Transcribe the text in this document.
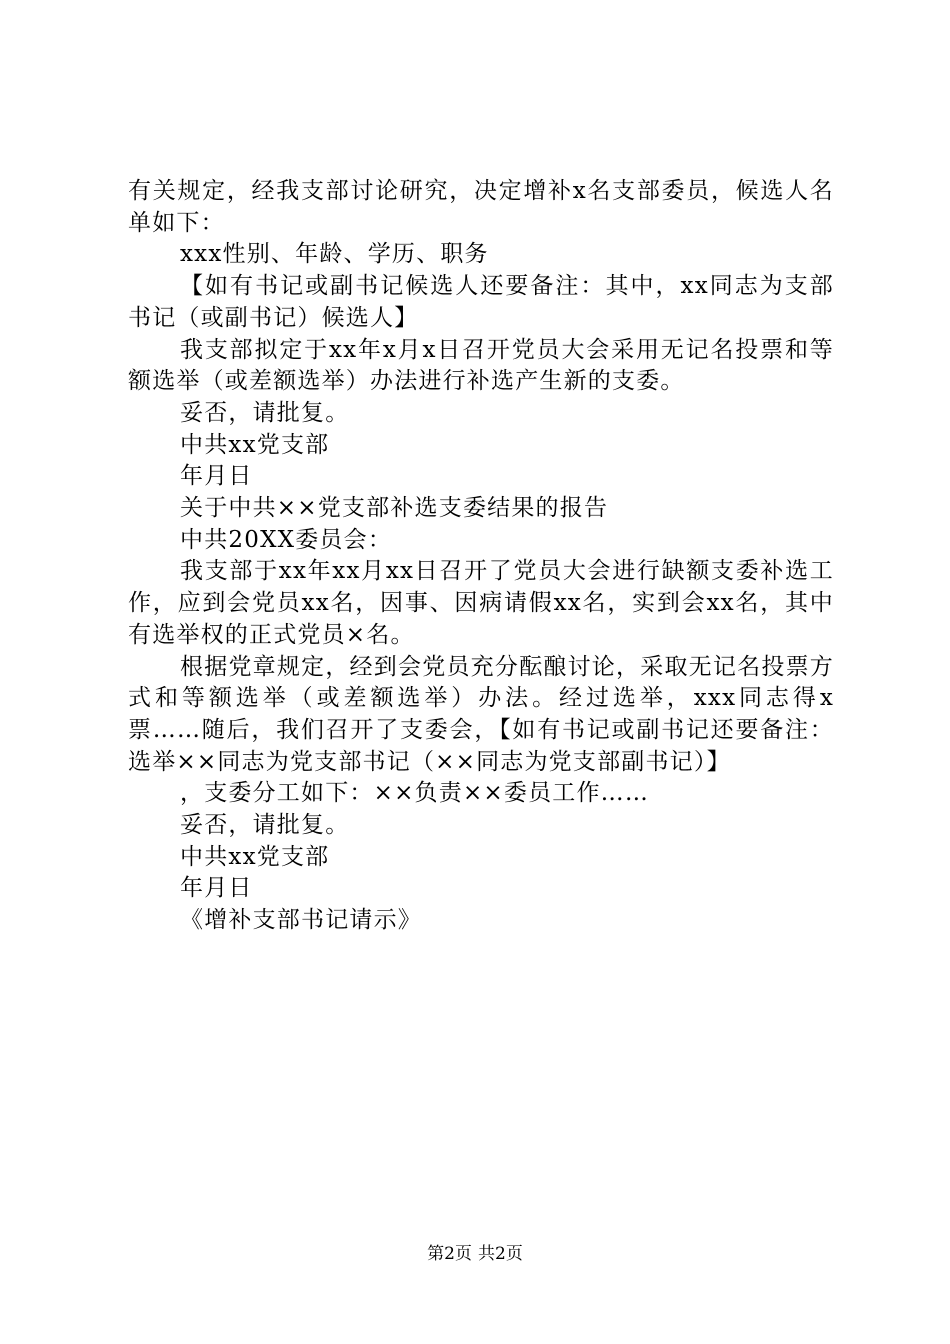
有关规定，经我支部讨论研究，决定增补x名支部委员，候选人名单如下：

xxx性别、年龄、学历、职务

【如有书记或副书记候选人还要备注：其中，xx同志为支部书记（或副书记）候选人】

我支部拟定于xx年x月x日召开党员大会采用无记名投票和等额选举（或差额选举）办法进行补选产生新的支委。

妥否，请批复。

中共xx党支部

年月日

关于中共××党支部补选支委结果的报告

中共20XX委员会：

我支部于xx年xx月xx日召开了党员大会进行缺额支委补选工作，应到会党员xx名，因事、因病请假xx名，实到会xx名，其中有选举权的正式党员×名。

根据党章规定，经到会党员充分酝酿讨论，采取无记名投票方式和等额选举（或差额选举）办法。经过选举，xxx同志得x票……随后，我们召开了支委会，【如有书记或副书记还要备注：选举××同志为党支部书记（××同志为党支部副书记）】

，支委分工如下：××负责××委员工作……

妥否，请批复。

中共xx党支部

年月日

《增补支部书记请示》

第2页 共2页
